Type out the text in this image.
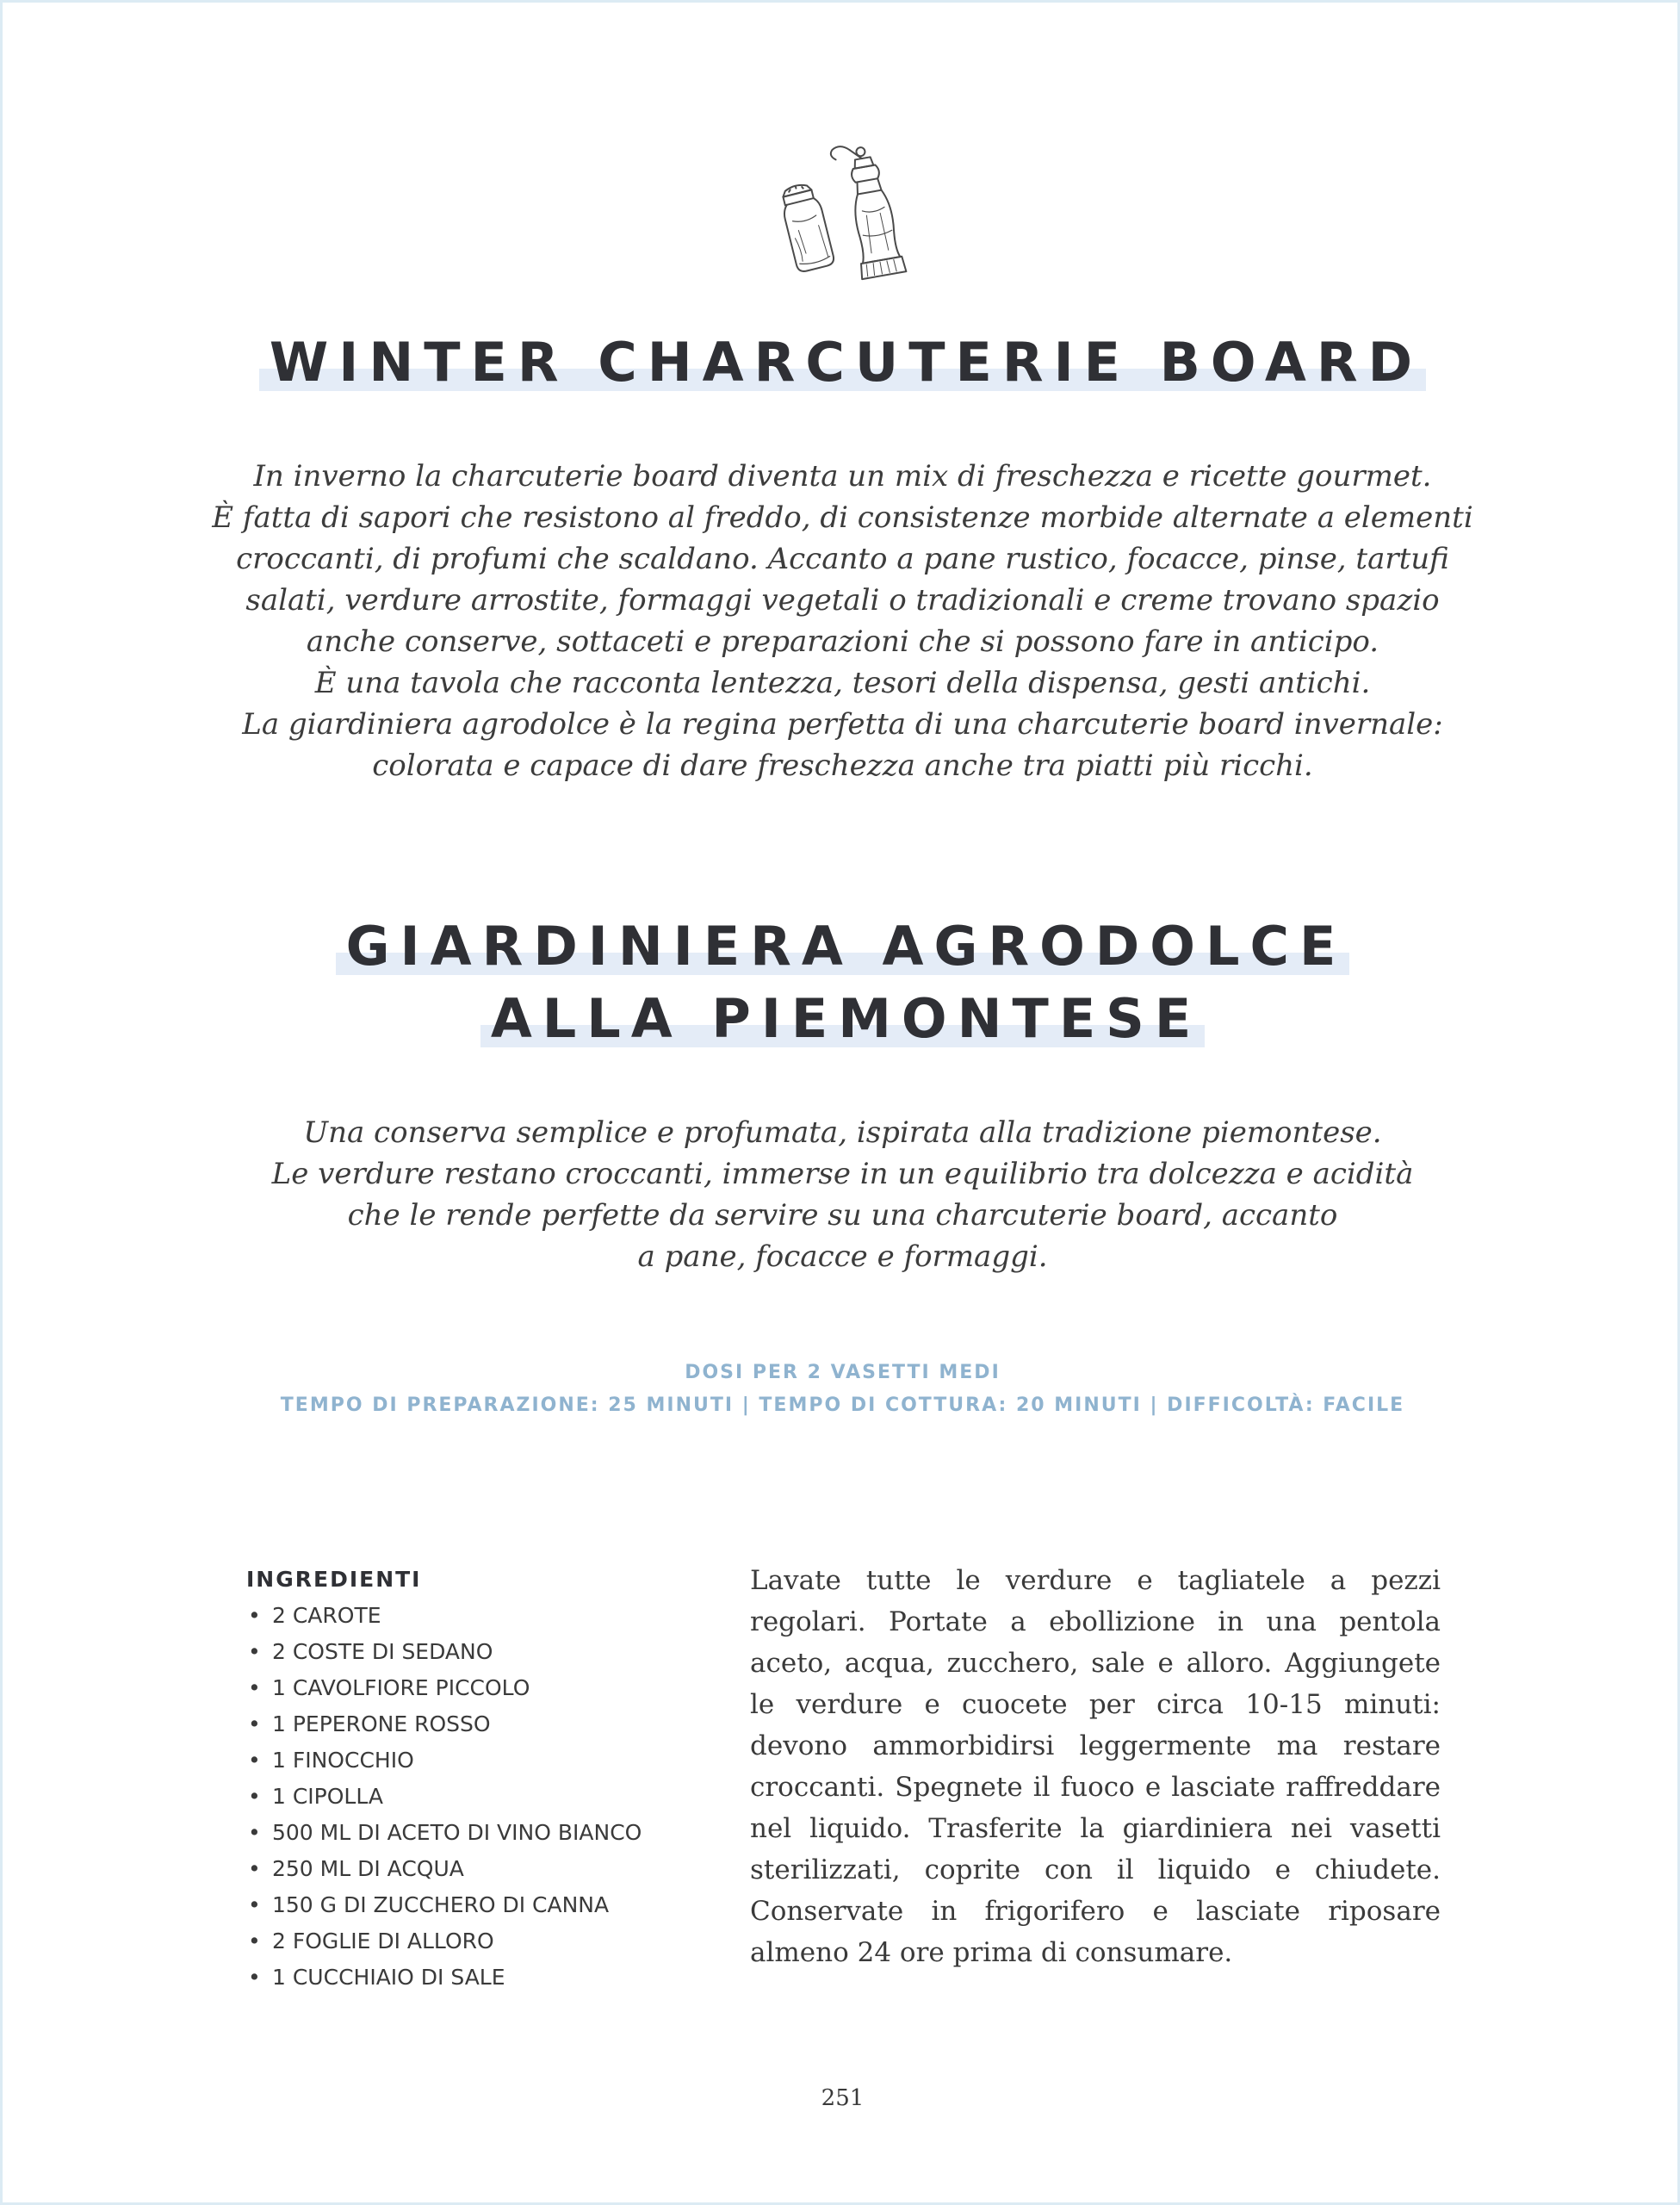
WINTER CHARCUTERIE BOARD
In inverno la charcuterie board diventa un mix di freschezza e ricette gourmet.
È fatta di sapori che resistono al freddo, di consistenze morbide alternate a elementi
croccanti, di profumi che scaldano. Accanto a pane rustico, focacce, pinse, tartufi
salati, verdure arrostite, formaggi vegetali o tradizionali e creme trovano spazio
anche conserve, sottaceti e preparazioni che si possono fare in anticipo.
È una tavola che racconta lentezza, tesori della dispensa, gesti antichi.
La giardiniera agrodolce è la regina perfetta di una charcuterie board invernale:
colorata e capace di dare freschezza anche tra piatti più ricchi.
GIARDINIERA AGRODOLCE
ALLA PIEMONTESE
Una conserva semplice e profumata, ispirata alla tradizione piemontese.
Le verdure restano croccanti, immerse in un equilibrio tra dolcezza e acidità
che le rende perfette da servire su una charcuterie board, accanto
a pane, focacce e formaggi.
DOSI PER 2 VASETTI MEDI
TEMPO DI PREPARAZIONE: 25 MINUTI | TEMPO DI COTTURA: 20 MINUTI | DIFFICOLTÀ: FACILE
INGREDIENTI
• 2 CAROTE
• 2 COSTE DI SEDANO
• 1 CAVOLFIORE PICCOLO
• 1 PEPERONE ROSSO
• 1 FINOCCHIO
• 1 CIPOLLA
• 500 ML DI ACETO DI VINO BIANCO
• 250 ML DI ACQUA
• 150 G DI ZUCCHERO DI CANNA
• 2 FOGLIE DI ALLORO
• 1 CUCCHIAIO DI SALE

Lavate tutte le verdure e tagliatele a pezzi regolari. Portate a ebollizione in una pentola aceto, acqua, zucchero, sale e alloro. Aggiungete le verdure e cuocete per circa 10-15 minuti: devono ammorbidirsi leggermente ma restare croccanti. Spegnete il fuoco e lasciate raffreddare nel liquido. Trasferite la giardiniera nei vasetti sterilizzati, coprite con il liquido e chiudete. Conservate in frigorifero e lasciate riposare almeno 24 ore prima di consumare.

251
